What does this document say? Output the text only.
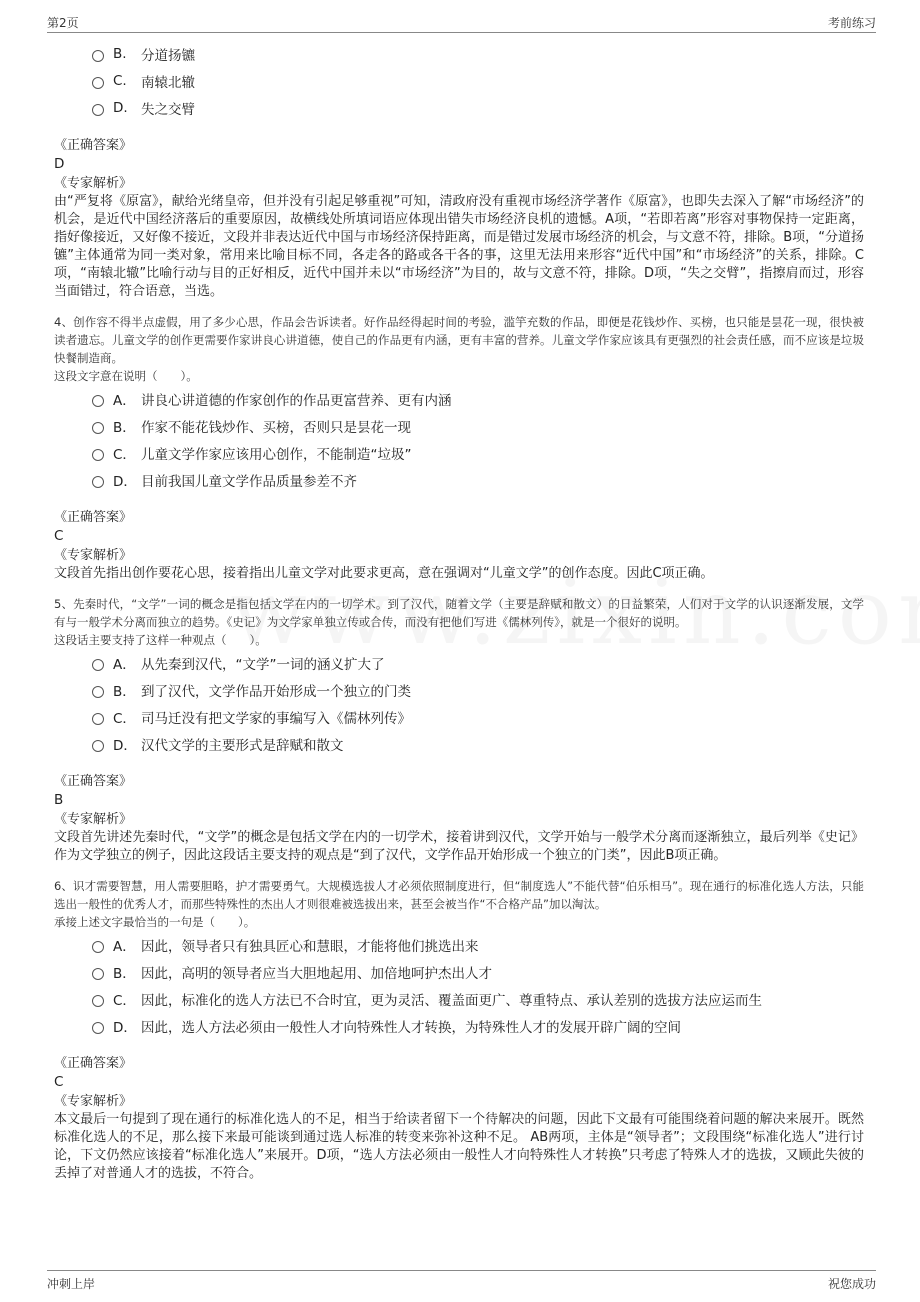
第2页	考前练习
B.	分道扬镳
C.	南辕北辙
D. 失之交臂
《正确答案》
D
《专家解析》
由“严复将《原富》，献给光绪皇帝，但并没有引起足够重视”可知，清政府没有重视市场经济学著作《原富》，也即失去深入了解“市场经济”的机会，是近代中国经济落后的重要原因，故横线处所填词语应体现出错失市场经济良机的遗憾。A项，“若即若离”形容对事物保持一定距离，指好像接近，又好像不接近，文段并非表达近代中国与市场经济保持距离，而是错过发展市场经济的机会，与文意不符，排除。B项，“分道扬镳”主体通常为同一类对象，常用来比喻目标不同，各走各的路或各干各的事，这里无法用来形容“近代中国”和“市场经济”的关系，排除。C项，“南辕北辙”比喻行动与目的正好相反，近代中国并未以“市场经济”为目的，故与文意不符，排除。D项，“失之交臂”，指擦肩而过，形容当面错过，符合语意，当选。
4、创作容不得半点虚假，用了多少心思，作品会告诉读者。好作品经得起时间的考验，滥竽充数的作品，即便是花钱炒作、买榜，也只能是昙花一现，很快被读者遗忘。儿童文学的创作更需要作家讲良心讲道德，使自己的作品更有内涵，更有丰富的营养。儿童文学作家应该具有更强烈的社会责任感，而不应该是垃圾快餐制造商。
这段文字意在说明（　　）。
A． 讲良心讲道德的作家创作的作品更富营养、更有内涵
B． 作家不能花钱炒作、买榜，否则只是昙花一现
C． 儿童文学作家应该用心创作，不能制造“垃圾”
D． 目前我国儿童文学作品质量参差不齐
《正确答案》
C
《专家解析》
文段首先指出创作要花心思，接着指出儿童文学对此要求更高，意在强调对“儿童文学”的创作态度。因此C项正确。
5、先秦时代，“文学”一词的概念是指包括文学在内的一切学术。到了汉代，随着文学（主要是辞赋和散文）的日益繁荣，人们对于文学的认识逐渐发展，文学有与一般学术分离而独立的趋势。《史记》为文学家单独立传或合传，而没有把他们写进《儒林列传》，就是一个很好的说明。
这段话主要支持了这样一种观点（　　）。
A． 从先秦到汉代，“文学”一词的涵义扩大了
B． 到了汉代，文学作品开始形成一个独立的门类
C． 司马迁没有把文学家的事编写入《儒林列传》
D． 汉代文学的主要形式是辞赋和散文
《正确答案》
B
《专家解析》
文段首先讲述先秦时代，“文学”的概念是包括文学在内的一切学术，接着讲到汉代，文学开始与一般学术分离而逐渐独立，最后列举《史记》作为文学独立的例子，因此这段话主要支持的观点是“到了汉代，文学作品开始形成一个独立的门类”，因此B项正确。
6、识才需要智慧，用人需要胆略，护才需要勇气。大规模选拔人才必须依照制度进行，但“制度选人”不能代替“伯乐相马”。现在通行的标准化选人方法，只能选出一般性的优秀人才，而那些特殊性的杰出人才则很难被选拔出来，甚至会被当作“不合格产品”加以淘汰。
承接上述文字最恰当的一句是（　　）。
A． 因此，领导者只有独具匠心和慧眼，才能将他们挑选出来
B． 因此，高明的领导者应当大胆地起用、加倍地呵护杰出人才
C． 因此，标准化的选人方法已不合时宜，更为灵活、覆盖面更广、尊重特点、承认差别的选拔方法应运而生
D． 因此，选人方法必须由一般性人才向特殊性人才转换，为特殊性人才的发展开辟广阔的空间
《正确答案》
C
《专家解析》
本文最后一句提到了现在通行的标准化选人的不足，相当于给读者留下一个待解决的问题，因此下文最有可能围绕着问题的解决来展开。既然标准化选人的不足，那么接下来最可能谈到通过选人标准的转变来弥补这种不足。 AB两项，主体是“领导者”；文段围绕“标准化选人”进行讨论，下文仍然应该接着“标准化选人”来展开。D项，“选人方法必须由一般性人才向特殊性人才转换”只考虑了特殊人才的选拔，又顾此失彼的丢掉了对普通人才的选拔，不符合。
冲刺上岸	祝您成功
